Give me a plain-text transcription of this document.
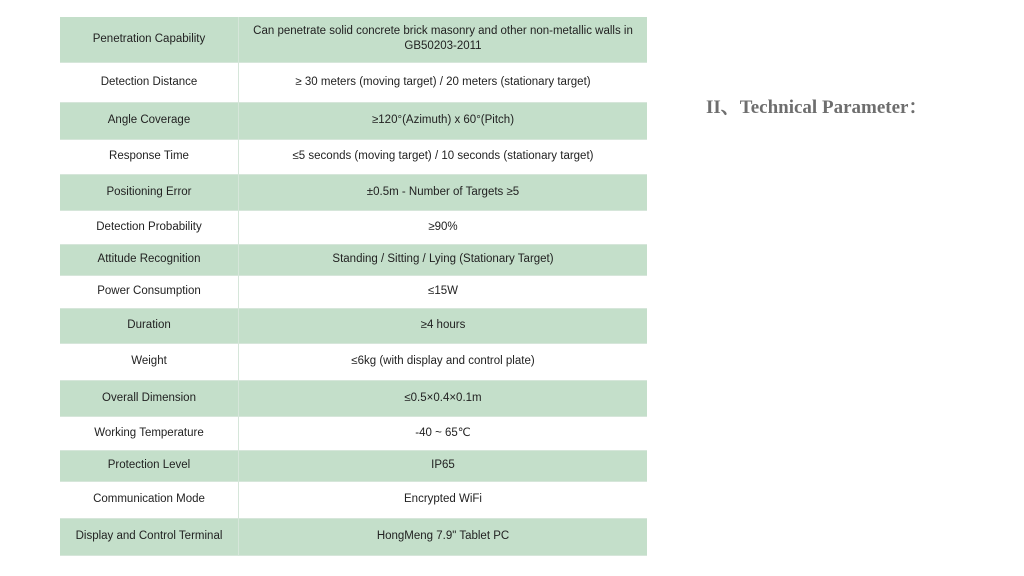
Penetration Capability	Can penetrate solid concrete brick masonry and other non-metallic walls in GB50203-2011
Detection Distance	≥ 30 meters (moving target) / 20 meters (stationary target)
Angle Coverage	≥120°(Azimuth) x 60°(Pitch)
Response Time	≤5 seconds (moving target) / 10 seconds (stationary target)
Positioning Error	±0.5m - Number of Targets ≥5
Detection Probability	≥90%
Attitude Recognition	Standing / Sitting / Lying (Stationary Target)
Power Consumption	≤15W
Duration	≥4 hours
Weight	≤6kg (with display and control plate)
Overall Dimension	≤0.5×0.4×0.1m
Working Temperature	-40 ~ 65℃
Protection Level	IP65
Communication Mode	Encrypted WiFi
Display and Control Terminal	HongMeng 7.9" Tablet PC
II、Technical Parameter：
